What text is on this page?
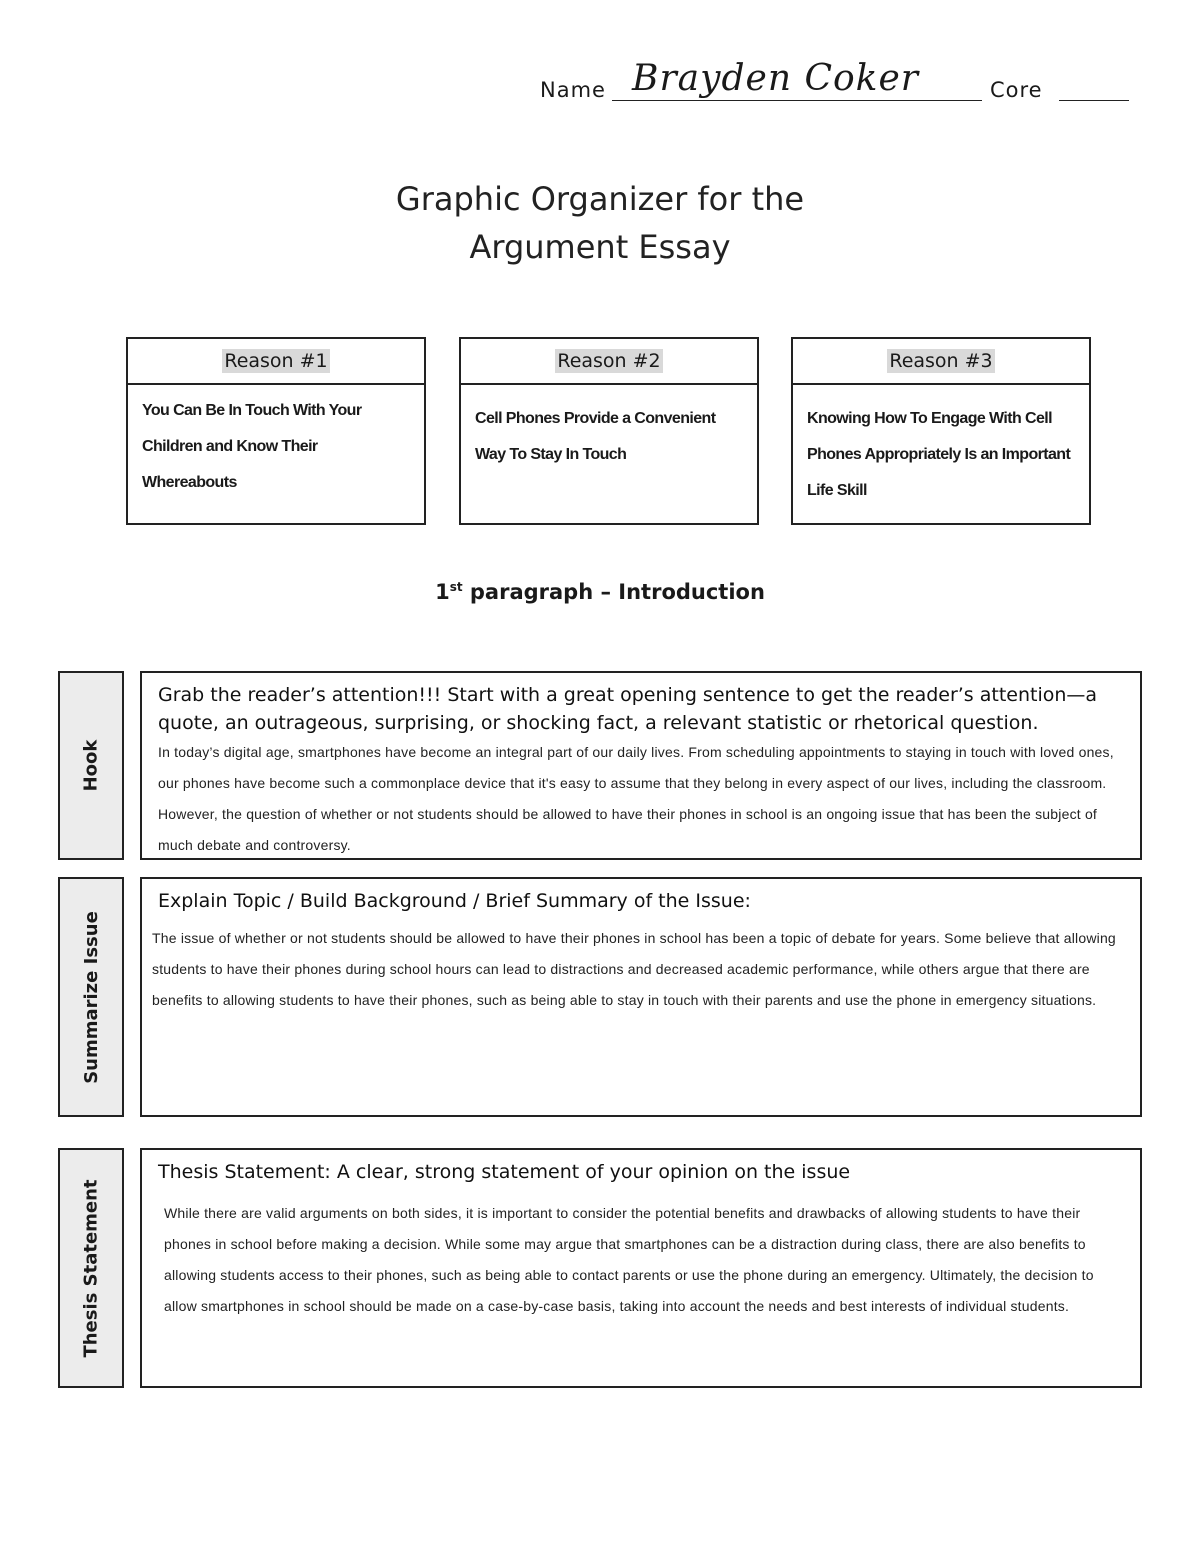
Name Brayden Coker	Core
Graphic Organizer for the
Argument Essay
Reason #1
You Can Be In Touch With Your Children and Know Their Whereabouts
Reason #2
Cell Phones Provide a Convenient Way To Stay In Touch
Reason #3
Knowing How To Engage With Cell Phones Appropriately Is an Important Life Skill
1st paragraph – Introduction
Hook
Grab the reader’s attention!!! Start with a great opening sentence to get the reader’s attention—a quote, an outrageous, surprising, or shocking fact, a relevant statistic or rhetorical question.
In today’s digital age, smartphones have become an integral part of our daily lives. From scheduling appointments to staying in touch with loved ones, our phones have become such a commonplace device that it's easy to assume that they belong in every aspect of our lives, including the classroom. However, the question of whether or not students should be allowed to have their phones in school is an ongoing issue that has been the subject of much debate and controversy.
Summarize Issue
Explain Topic / Build Background / Brief Summary of the Issue:
The issue of whether or not students should be allowed to have their phones in school has been a topic of debate for years. Some believe that allowing students to have their phones during school hours can lead to distractions and decreased academic performance, while others argue that there are benefits to allowing students to have their phones, such as being able to stay in touch with their parents and use the phone in emergency situations.
Thesis Statement
Thesis Statement: A clear, strong statement of your opinion on the issue
While there are valid arguments on both sides, it is important to consider the potential benefits and drawbacks of allowing students to have their phones in school before making a decision. While some may argue that smartphones can be a distraction during class, there are also benefits to allowing students access to their phones, such as being able to contact parents or use the phone during an emergency. Ultimately, the decision to allow smartphones in school should be made on a case-by-case basis, taking into account the needs and best interests of individual students.
